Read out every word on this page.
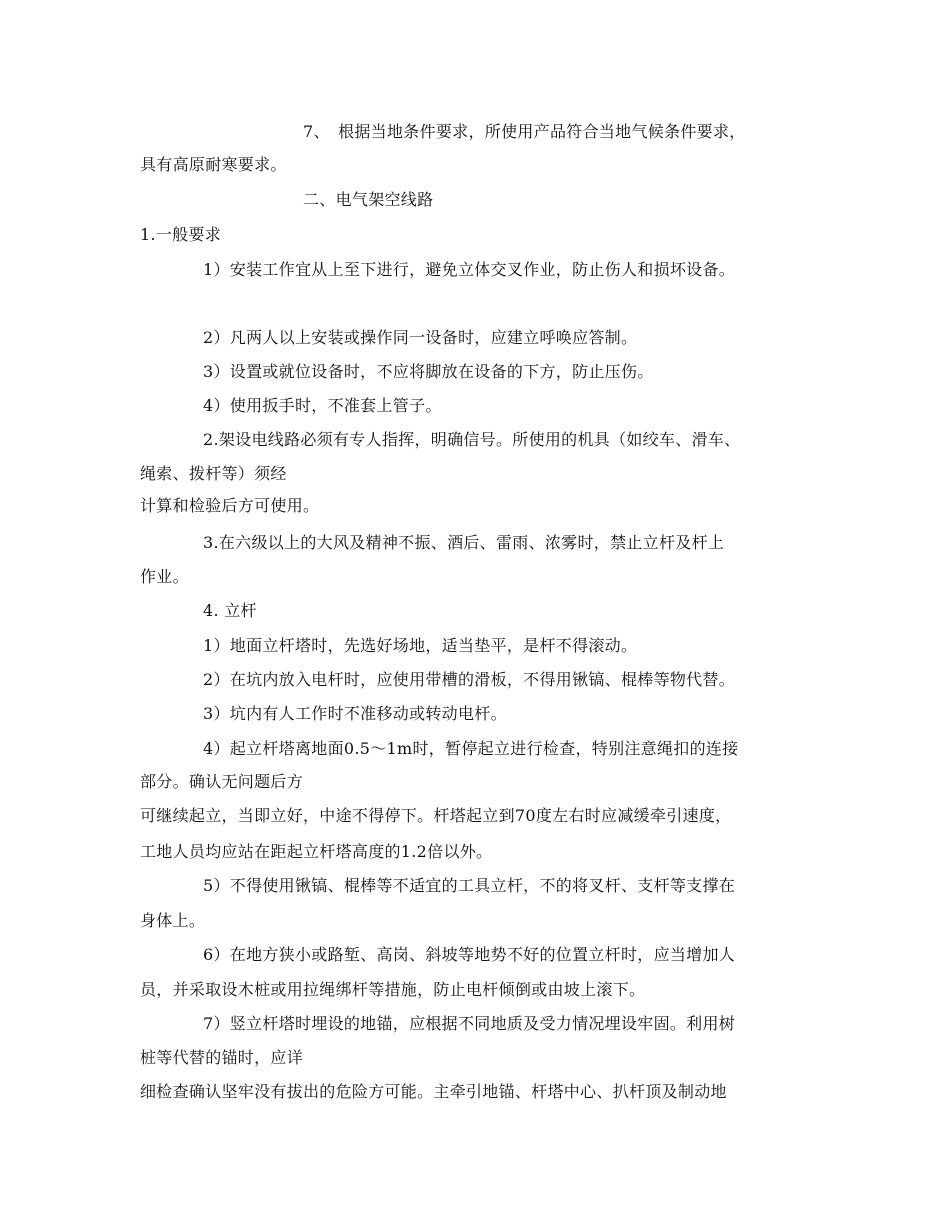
7、　根据当地条件要求，所使用产品符合当地气候条件要求，
具有高原耐寒要求。
二、电气架空线路
1.一般要求
1）安装工作宜从上至下进行，避免立体交叉作业，防止伤人和损坏设备。
2）凡两人以上安装或操作同一设备时，应建立呼唤应答制。
3）设置或就位设备时，不应将脚放在设备的下方，防止压伤。
4）使用扳手时，不准套上管子。
2.架设电线路必须有专人指挥，明确信号。所使用的机具（如绞车、滑车、
绳索、拨杆等）须经
计算和检验后方可使用。
3.在六级以上的大风及精神不振、酒后、雷雨、浓雾时，禁止立杆及杆上
作业。
4. 立杆
1）地面立杆塔时，先选好场地，适当垫平，是杆不得滚动。
2）在坑内放入电杆时，应使用带槽的滑板，不得用锹镐、棍棒等物代替。
3）坑内有人工作时不准移动或转动电杆。
4）起立杆塔离地面0.5～1m时，暂停起立进行检查，特别注意绳扣的连接
部分。确认无问题后方
可继续起立，当即立好，中途不得停下。杆塔起立到70度左右时应减缓牵引速度，
工地人员均应站在距起立杆塔高度的1.2倍以外。
5）不得使用锹镐、棍棒等不适宜的工具立杆，不的将叉杆、支杆等支撑在
身体上。
6）在地方狭小或路堑、高岗、斜坡等地势不好的位置立杆时，应当增加人
员，并采取设木桩或用拉绳绑杆等措施，防止电杆倾倒或由坡上滚下。
7）竖立杆塔时埋设的地锚，应根据不同地质及受力情况埋设牢固。利用树
桩等代替的锚时，应详
细检查确认坚牢没有拔出的危险方可能。主牵引地锚、杆塔中心、扒杆顶及制动地
